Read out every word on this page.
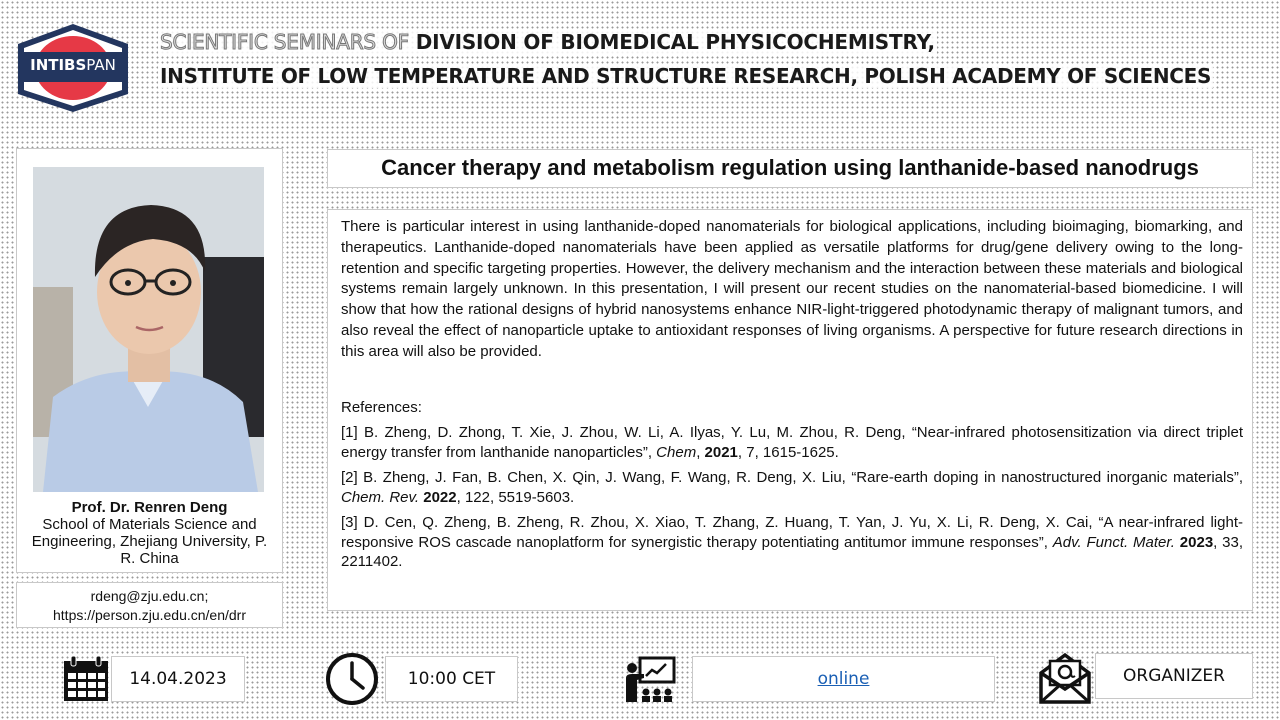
INTIBSPAN
SCIENTIFIC SEMINARS OF DIVISION OF BIOMEDICAL PHYSICOCHEMISTRY,
INSTITUTE OF LOW TEMPERATURE AND STRUCTURE RESEARCH, POLISH ACADEMY OF SCIENCES
Prof. Dr. Renren Deng
School of Materials Science and Engineering, Zhejiang University, P. R. China
rdeng@zju.edu.cn;
https://person.zju.edu.cn/en/drr
Cancer therapy and metabolism regulation using lanthanide-based nanodrugs

There is particular interest in using lanthanide-doped nanomaterials for biological applications, including bioimaging, biomarking, and therapeutics. Lanthanide-doped nanomaterials have been applied as versatile platforms for drug/gene delivery owing to the long-retention and specific targeting properties. However, the delivery mechanism and the interaction between these materials and biological systems remain largely unknown. In this presentation, I will present our recent studies on the nanomaterial-based biomedicine. I will show that how the rational designs of hybrid nanosystems enhance NIR-light-triggered photodynamic therapy of malignant tumors, and also reveal the effect of nanoparticle uptake to antioxidant responses of living organisms. A perspective for future research directions in this area will also be provided.

References:

[1] B. Zheng, D. Zhong, T. Xie, J. Zhou, W. Li, A. Ilyas, Y. Lu, M. Zhou, R. Deng, “Near-infrared photosensitization via direct triplet energy transfer from lanthanide nanoparticles”, Chem, 2021, 7, 1615-1625.

[2] B. Zheng, J. Fan, B. Chen, X. Qin, J. Wang, F. Wang, R. Deng, X. Liu, “Rare-earth doping in nanostructured inorganic materials”, Chem. Rev. 2022, 122, 5519-5603.

[3] D. Cen, Q. Zheng, B. Zheng, R. Zhou, X. Xiao, T. Zhang, Z. Huang, T. Yan, J. Yu, X. Li, R. Deng, X. Cai, “A near-infrared light-responsive ROS cascade nanoplatform for synergistic therapy potentiating antitumor immune responses”, Adv. Funct. Mater. 2023, 33, 2211402.

14.04.2023	10:00 CET	online	ORGANIZER
